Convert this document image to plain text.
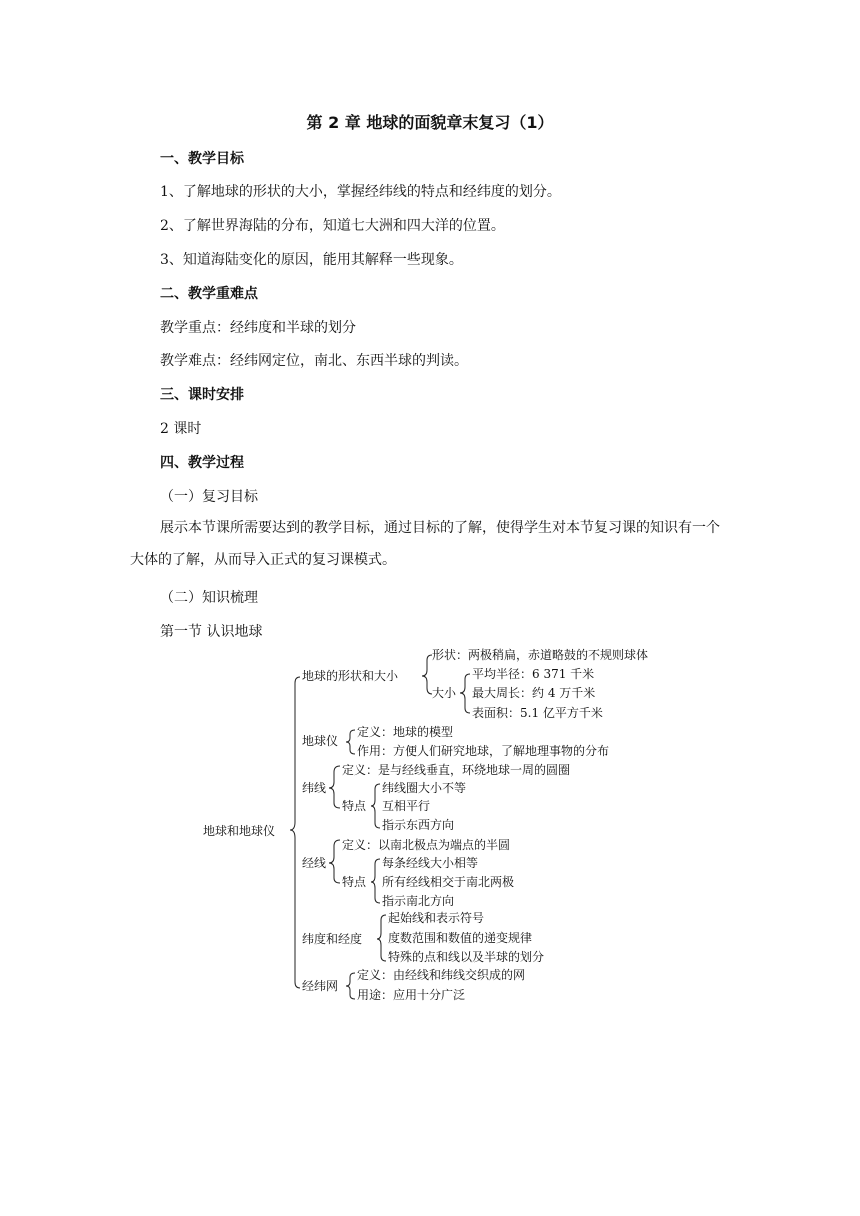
第 2 章 地球的面貌章末复习（1）
一、教学目标
1、了解地球的形状的大小，掌握经纬线的特点和经纬度的划分。
2、了解世界海陆的分布，知道七大洲和四大洋的位置。
3、知道海陆变化的原因，能用其解释一些现象。
二、教学重难点
教学重点：经纬度和半球的划分
教学难点：经纬网定位，南北、东西半球的判读。
三、课时安排
2 课时
四、教学过程
（一）复习目标
展示本节课所需要达到的教学目标，通过目标的了解，使得学生对本节复习课的知识有一个大体的了解，从而导入正式的复习课模式。
（二）知识梳理
第一节 认识地球
地球和地球仪
地球的形状和大小
形状：两极稍扁，赤道略鼓的不规则球体
大小
平均半径：6 371 千米
最大周长：约 4 万千米
表面积：5.1 亿平方千米
地球仪
定义：地球的模型
作用：方便人们研究地球，了解地理事物的分布
纬线
定义：是与经线垂直，环绕地球一周的圆圈
特点
纬线圈大小不等
互相平行
指示东西方向
经线
定义：以南北极点为端点的半圆
特点
每条经线大小相等
所有经线相交于南北两极
指示南北方向
纬度和经度
起始线和表示符号
度数范围和数值的递变规律
特殊的点和线以及半球的划分
经纬网
定义：由经线和纬线交织成的网
用途：应用十分广泛
